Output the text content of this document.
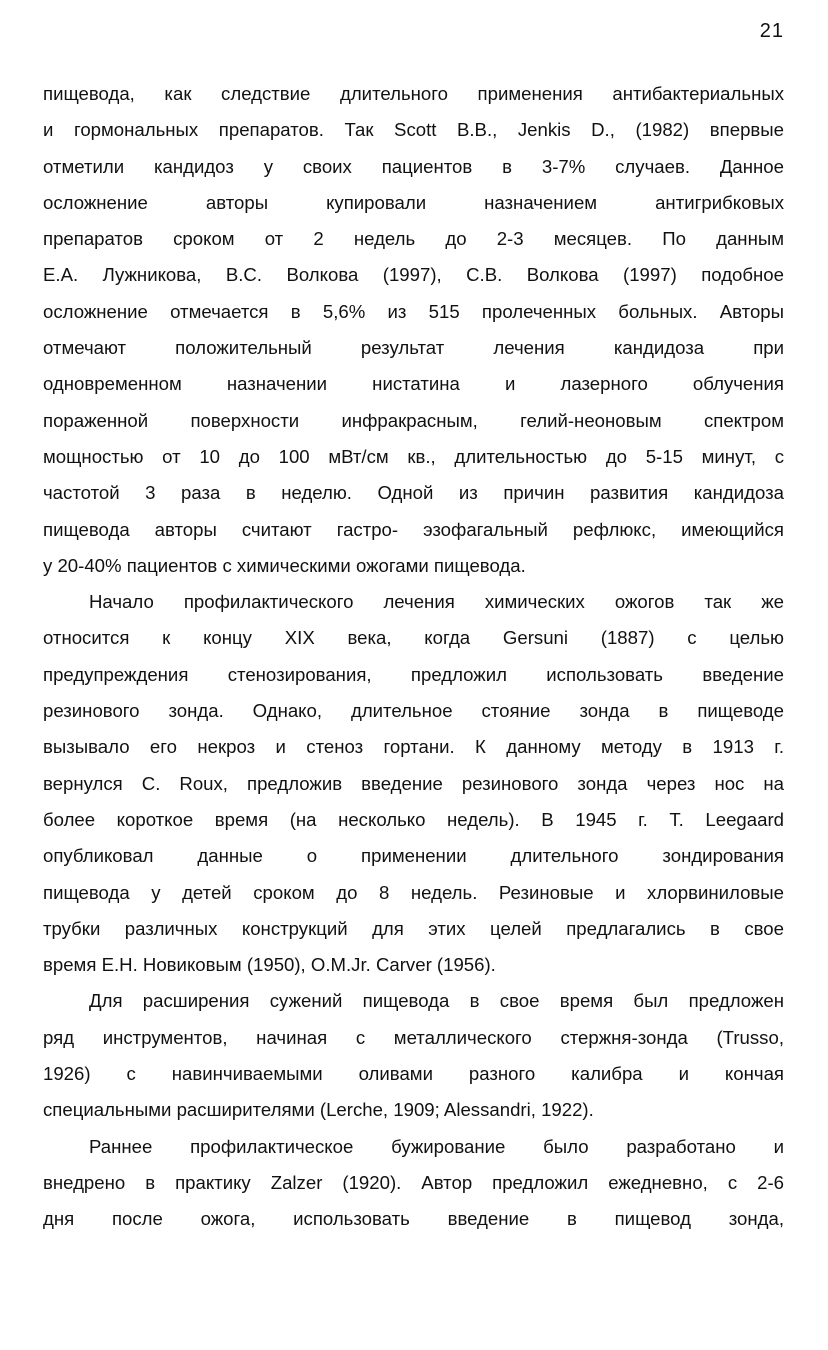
21
пищевода, как следствие длительного применения антибактериальных
и гормональных препаратов. Так Scott B.B., Jenkis D., (1982) впервые
отметили кандидоз у своих пациентов в 3-7% случаев. Данное
осложнение авторы купировали назначением антигрибковых
препаратов сроком от 2 недель до 2-3 месяцев. По данным
Е.А. Лужникова, В.С. Волкова (1997), С.В. Волкова (1997) подобное
осложнение отмечается в 5,6% из 515 пролеченных больных. Авторы
отмечают положительный результат лечения кандидоза при
одновременном назначении нистатина и лазерного облучения
пораженной поверхности инфракрасным, гелий-неоновым спектром
мощностью от 10 до 100 мВт/см кв., длительностью до 5-15 минут, с
частотой 3 раза в неделю. Одной из причин развития кандидоза
пищевода авторы считают гастро- эзофагальный рефлюкс, имеющийся
у 20-40% пациентов с химическими ожогами пищевода.
Начало профилактического лечения химических ожогов так же
относится к концу XIX века, когда Gersuni (1887) с целью
предупреждения стенозирования, предложил использовать введение
резинового зонда. Однако, длительное стояние зонда в пищеводе
вызывало его некроз и стеноз гортани. К данному методу в 1913 г.
вернулся C. Roux, предложив введение резинового зонда через нос на
более короткое время (на несколько недель). В 1945 г. T. Leegaard
опубликовал данные о применении длительного зондирования
пищевода у детей сроком до 8 недель. Резиновые и хлорвиниловые
трубки различных конструкций для этих целей предлагались в свое
время Е.Н. Новиковым (1950), O.M.Jr. Carver (1956).
Для расширения сужений пищевода в свое время был предложен
ряд инструментов, начиная с металлического стержня-зонда (Trusso,
1926) с навинчиваемыми оливами разного калибра и кончая
специальными расширителями (Lerche, 1909; Alessandri, 1922).
Раннее профилактическое бужирование было разработано и
внедрено в практику Zalzer (1920). Автор предложил ежедневно, с 2-6
дня после ожога, использовать введение в пищевод зонда,
